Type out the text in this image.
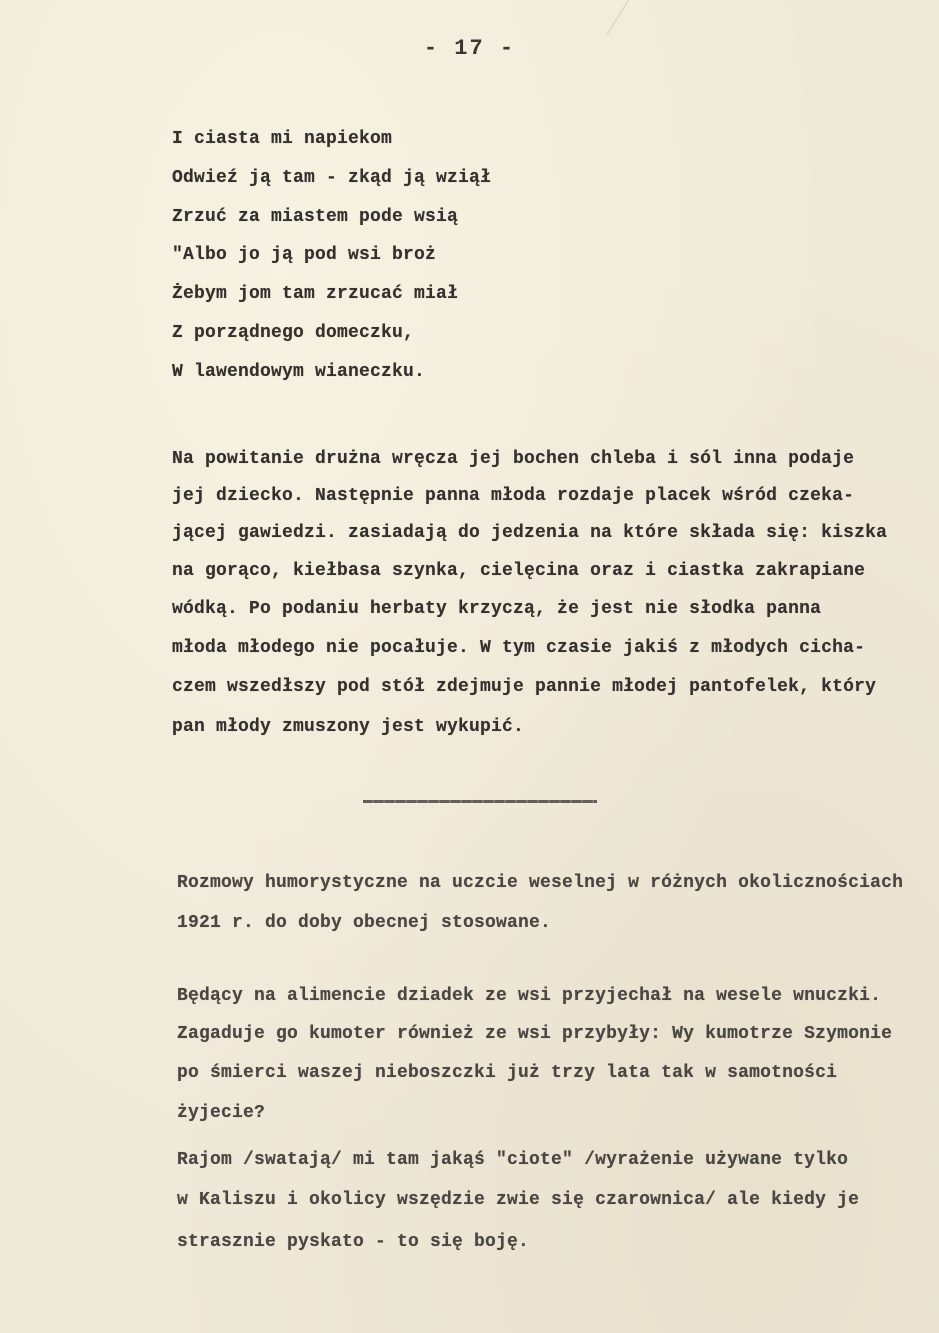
- 17 -
I ciasta mi napiekom
Odwieź ją tam - zkąd ją wziął
Zrzuć za miastem pode wsią
"Albo jo ją pod wsi broż
Żebym jom tam zrzucać miał
Z porządnego domeczku,
W lawendowym wianeczku.
Na powitanie drużna wręcza jej bochen chleba i sól inna podaje
jej dziecko. Następnie panna młoda rozdaje placek wśród czeka-
jącej gawiedzi. zasiadają do jedzenia na które składa się: kiszka
na gorąco, kiełbasa szynka, cielęcina oraz i ciastka zakrapiane
wódką. Po podaniu herbaty krzyczą, że jest nie słodka panna
młoda młodego nie pocałuje. W tym czasie jakiś z młodych cicha-
czem wszedłszy pod stół zdejmuje pannie młodej pantofelek, który
pan młody zmuszony jest wykupić.
Rozmowy humorystyczne na uczcie weselnej w różnych okolicznościach
1921 r. do doby obecnej stosowane.
Będący na alimencie dziadek ze wsi przyjechał na wesele wnuczki.
Zagaduje go kumoter również ze wsi przybyły: Wy kumotrze Szymonie
po śmierci waszej nieboszczki już trzy lata tak w samotności
żyjecie?
Rajom /swatają/ mi tam jakąś "ciote" /wyrażenie używane tylko
w Kaliszu i okolicy wszędzie zwie się czarownica/ ale kiedy je
strasznie pyskato - to się boję.
